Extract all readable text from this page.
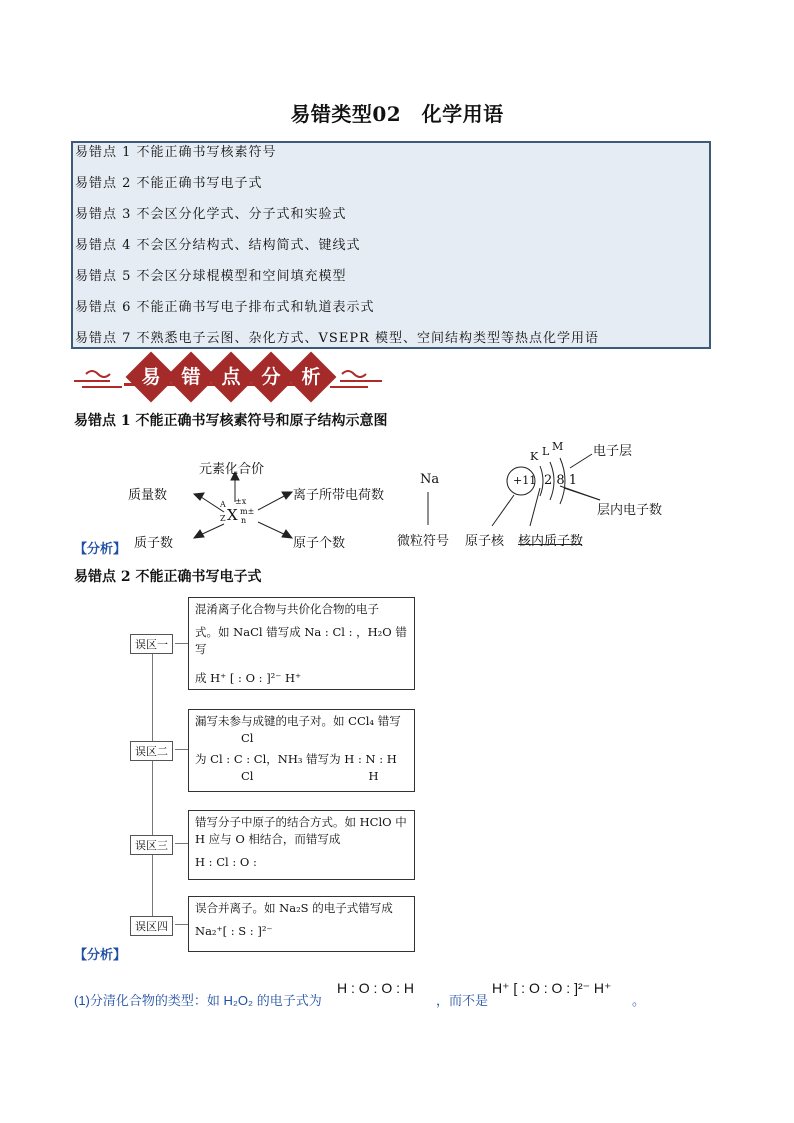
易错类型02　化学用语
易错点 1 不能正确书写核素符号
易错点 2 不能正确书写电子式
易错点 3 不会区分化学式、分子式和实验式
易错点 4 不会区分结构式、结构简式、键线式
易错点 5 不会区分球棍模型和空间填充模型
易错点 6 不能正确书写电子排布式和轨道表示式
易错点 7 不熟悉电子云图、杂化方式、VSEPR 模型、空间结构类型等热点化学用语
易	错	点	分	析
易错点 1 不能正确书写核素符号和原子结构示意图
元素化合价
质量数	离子所带电荷数
质子数	原子个数
A
Z
±x
X m±
n
Na	+11 2 8 1
K L M 电子层
层内电子数
微粒符号 原子核 核内质子数
【分析】
易错点 2 不能正确书写电子式
误区一
混淆离子化合物与共价化合物的电子
式。如 NaCl 错写成 Na : Cl : ，H₂O 错写
成 H⁺ [ : O : ]²⁻ H⁺
误区二
漏写未参与成键的电子对。如 CCl₄ 错写
Cl
为 Cl : C : Cl，NH₃ 错写为 H : N : H
Cl　　　　　　　　　　H
误区三
错写分子中原子的结合方式。如 HClO 中
H 应与 O 相结合，而错写成
H : Cl : O :
误区四
误合并离子。如 Na₂S 的电子式错写成
Na₂⁺[ : S : ]²⁻
【分析】
(1)分清化合物的类型：如 H₂O₂ 的电子式为
H : O : O : H
，而不是
H⁺ [ : O : O : ]²⁻ H⁺
。
